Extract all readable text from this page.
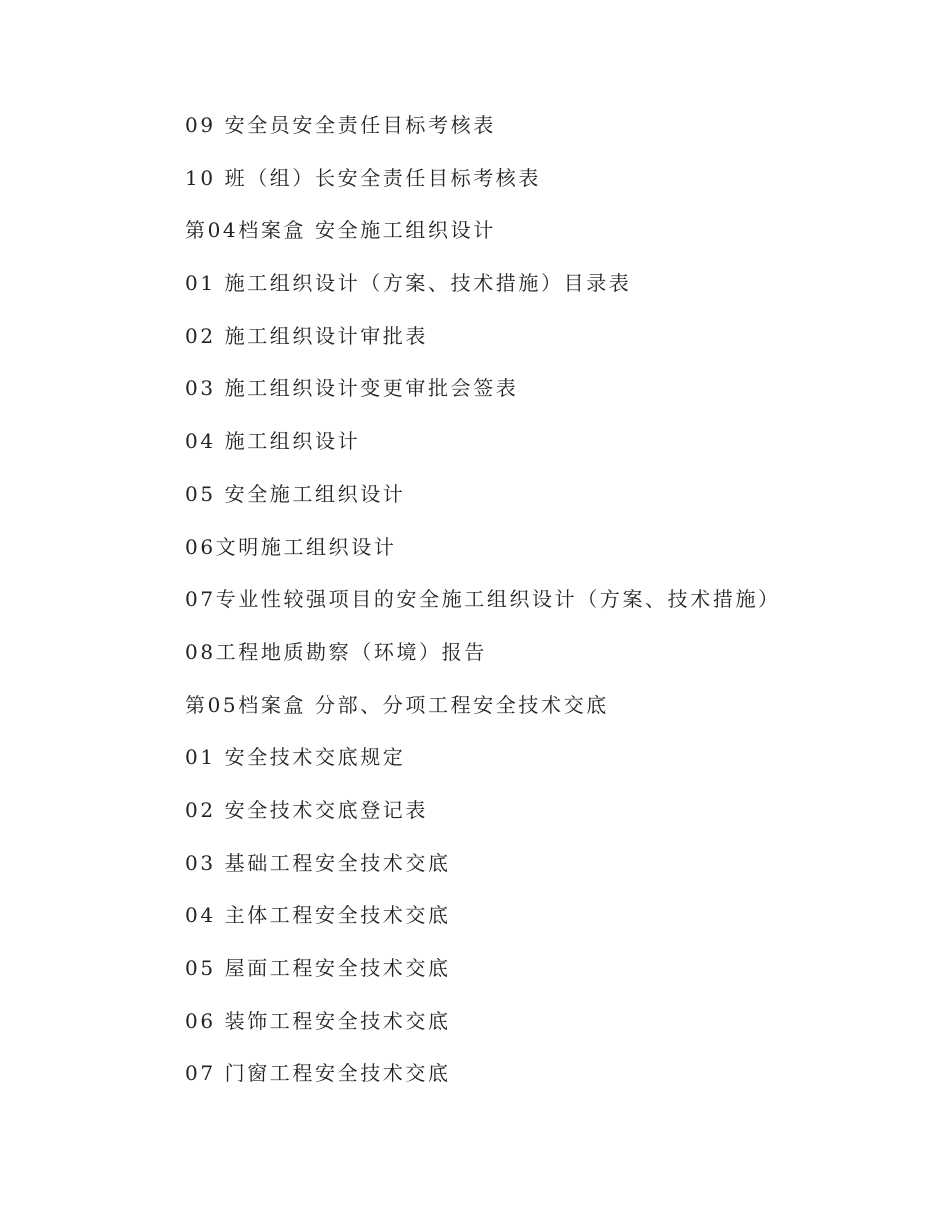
09 安全员安全责任目标考核表
10 班（组）长安全责任目标考核表
第04档案盒 安全施工组织设计
01 施工组织设计（方案、技术措施）目录表
02 施工组织设计审批表
03 施工组织设计变更审批会签表
04 施工组织设计
05 安全施工组织设计
06文明施工组织设计
07专业性较强项目的安全施工组织设计（方案、技术措施）
08工程地质勘察（环境）报告
第05档案盒 分部、分项工程安全技术交底
01 安全技术交底规定
02 安全技术交底登记表
03 基础工程安全技术交底
04 主体工程安全技术交底
05 屋面工程安全技术交底
06 装饰工程安全技术交底
07 门窗工程安全技术交底
